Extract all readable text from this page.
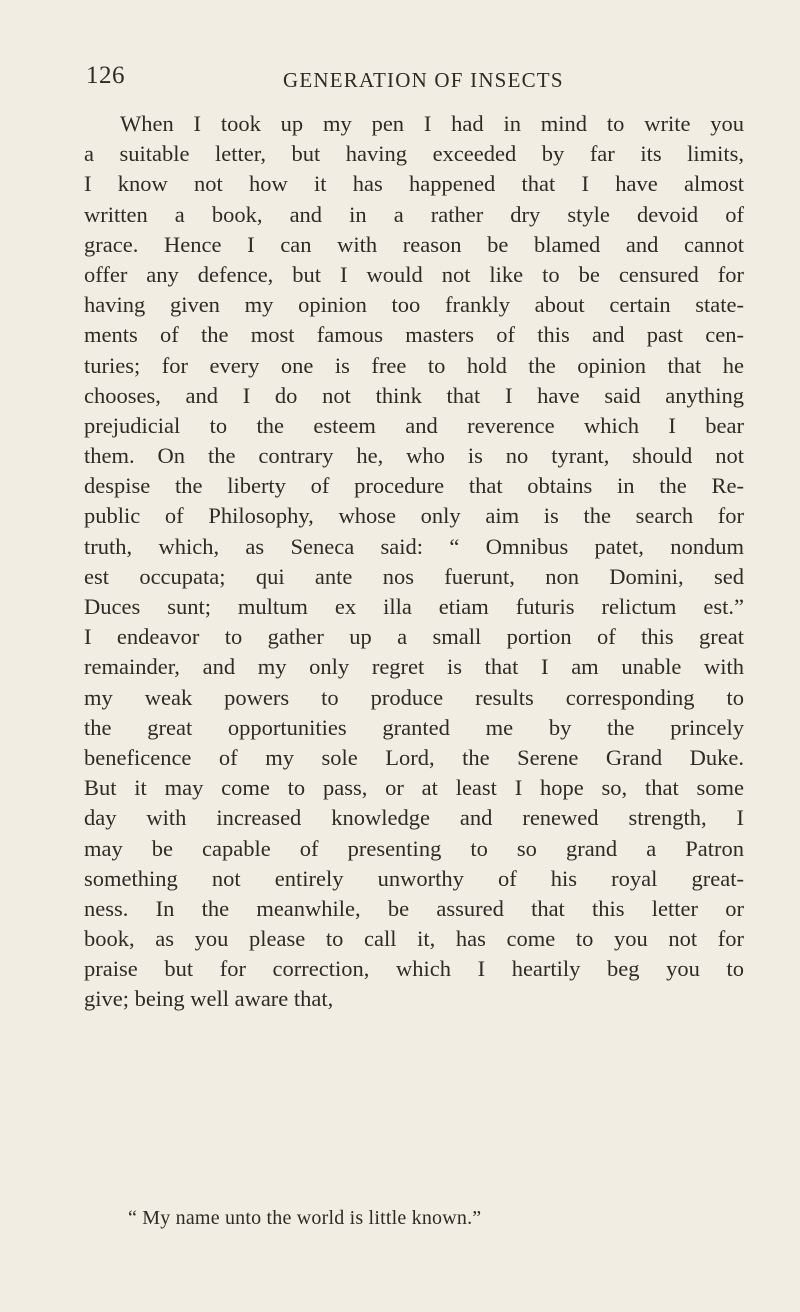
126	GENERATION OF INSECTS
When I took up my pen I had in mind to write you
a suitable letter, but having exceeded by far its limits,
I know not how it has happened that I have almost
written a book, and in a rather dry style devoid of
grace. Hence I can with reason be blamed and cannot
offer any defence, but I would not like to be censured for
having given my opinion too frankly about certain state-
ments of the most famous masters of this and past cen-
turies; for every one is free to hold the opinion that he
chooses, and I do not think that I have said anything
prejudicial to the esteem and reverence which I bear
them. On the contrary he, who is no tyrant, should not
despise the liberty of procedure that obtains in the Re-
public of Philosophy, whose only aim is the search for
truth, which, as Seneca said: “ Omnibus patet, nondum
est occupata; qui ante nos fuerunt, non Domini, sed
Duces sunt; multum ex illa etiam futuris relictum est.”
I endeavor to gather up a small portion of this great
remainder, and my only regret is that I am unable with
my weak powers to produce results corresponding to
the great opportunities granted me by the princely
beneficence of my sole Lord, the Serene Grand Duke.
But it may come to pass, or at least I hope so, that some
day with increased knowledge and renewed strength, I
may be capable of presenting to so grand a Patron
something not entirely unworthy of his royal great-
ness. In the meanwhile, be assured that this letter or
book, as you please to call it, has come to you not for
praise but for correction, which I heartily beg you to
give; being well aware that,
“ My name unto the world is little known.”
